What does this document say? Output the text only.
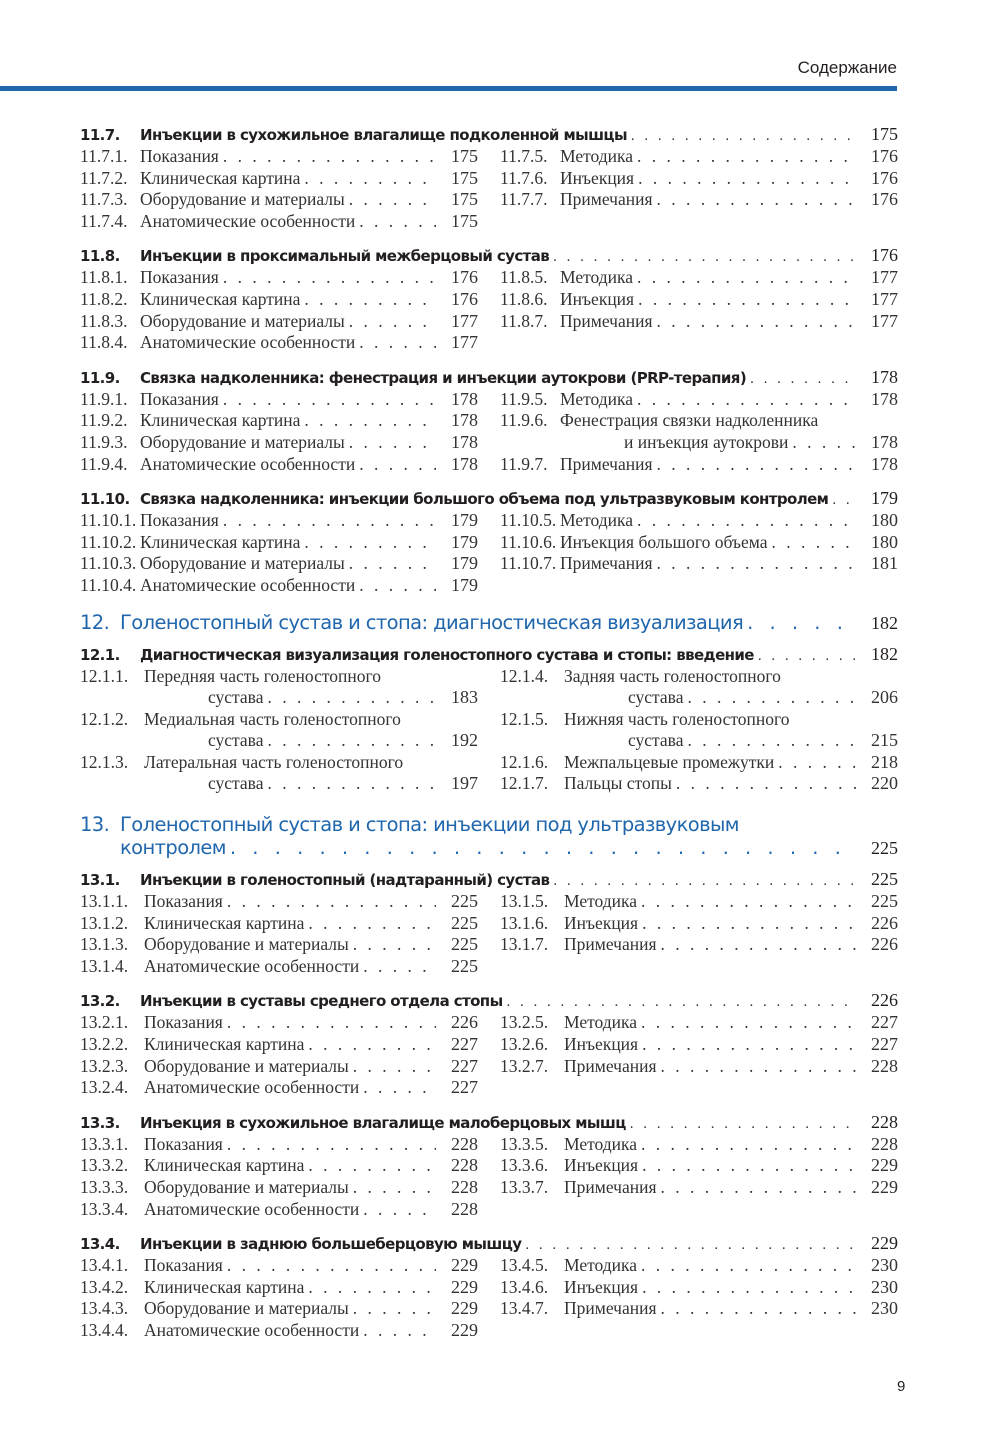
Содержание
11.7.	Инъекции в сухожильное влагалище подколенной мышцы . . .	175
11.7.1. Показания . . .	175
11.7.2. Клиническая картина . . .	175
11.7.3. Оборудование и материалы . . .	175
11.7.4. Анатомические особенности . . .	175
11.7.5. Методика . . .	176
11.7.6. Инъекция . . .	176
11.7.7. Примечания . . .	176
11.8.	Инъекции в проксимальный межберцовый сустав . . .	176
11.8.1. Показания . . .	176
11.8.2. Клиническая картина . . .	176
11.8.3. Оборудование и материалы . . .	177
11.8.4. Анатомические особенности . . .	177
11.8.5. Методика . . .	177
11.8.6. Инъекция . . .	177
11.8.7. Примечания . . .	177
11.9.	Связка надколенника: фенестрация и инъекции аутокрови (PRP-терапия) . . .	178
11.9.1. Показания . . .	178
11.9.2. Клиническая картина . . .	178
11.9.3. Оборудование и материалы . . .	178
11.9.4. Анатомические особенности . . .	178
11.9.5. Методика . . .	178
11.9.6. Фенестрация связки надколенника
и инъекция аутокрови . . .	178
11.9.7. Примечания . . .	178
11.10. Связка надколенника: инъекции большого объема под ультразвуковым контролем . . .	179
11.10.1. Показания . . .	179
11.10.2. Клиническая картина . . .	179
11.10.3. Оборудование и материалы . . .	179
11.10.4. Анатомические особенности . . .	179
11.10.5. Методика . . .	180
11.10.6. Инъекция большого объема . . .	180
11.10.7. Примечания . . .	181
12. Голеностопный сустав и стопа: диагностическая визуализация . . .	182
12.1.	Диагностическая визуализация голеностопного сустава и стопы: введение . . .	182
12.1.1. Передняя часть голеностопного
сустава . . .	183
12.1.2. Медиальная часть голеностопного
сустава . . .	192
12.1.3. Латеральная часть голеностопного
сустава . . .	197
12.1.4. Задняя часть голеностопного
сустава . . .	206
12.1.5. Нижняя часть голеностопного
сустава . . .	215
12.1.6. Межпальцевые промежутки . . .	218
12.1.7. Пальцы стопы . . .	220
13. Голеностопный сустав и стопа: инъекции под ультразвуковым
контролем . . .	225
13.1.	Инъекции в голеностопный (надтаранный) сустав . . .	225
13.1.1. Показания . . .	225
13.1.2. Клиническая картина . . .	225
13.1.3. Оборудование и материалы . . .	225
13.1.4. Анатомические особенности . . .	225
13.1.5. Методика . . .	225
13.1.6. Инъекция . . .	226
13.1.7. Примечания . . .	226
13.2.	Инъекции в суставы среднего отдела стопы . . .	226
13.2.1. Показания . . .	226
13.2.2. Клиническая картина . . .	227
13.2.3. Оборудование и материалы . . .	227
13.2.4. Анатомические особенности . . .	227
13.2.5. Методика . . .	227
13.2.6. Инъекция . . .	227
13.2.7. Примечания . . .	228
13.3.	Инъекция в сухожильное влагалище малоберцовых мышц . . .	228
13.3.1. Показания . . .	228
13.3.2. Клиническая картина . . .	228
13.3.3. Оборудование и материалы . . .	228
13.3.4. Анатомические особенности . . .	228
13.3.5. Методика . . .	228
13.3.6. Инъекция . . .	229
13.3.7. Примечания . . .	229
13.4.	Инъекции в заднюю большеберцовую мышцу . . .	229
13.4.1. Показания . . .	229
13.4.2. Клиническая картина . . .	229
13.4.3. Оборудование и материалы . . .	229
13.4.4. Анатомические особенности . . .	229
13.4.5. Методика . . .	230
13.4.6. Инъекция . . .	230
13.4.7. Примечания . . .	230
9
